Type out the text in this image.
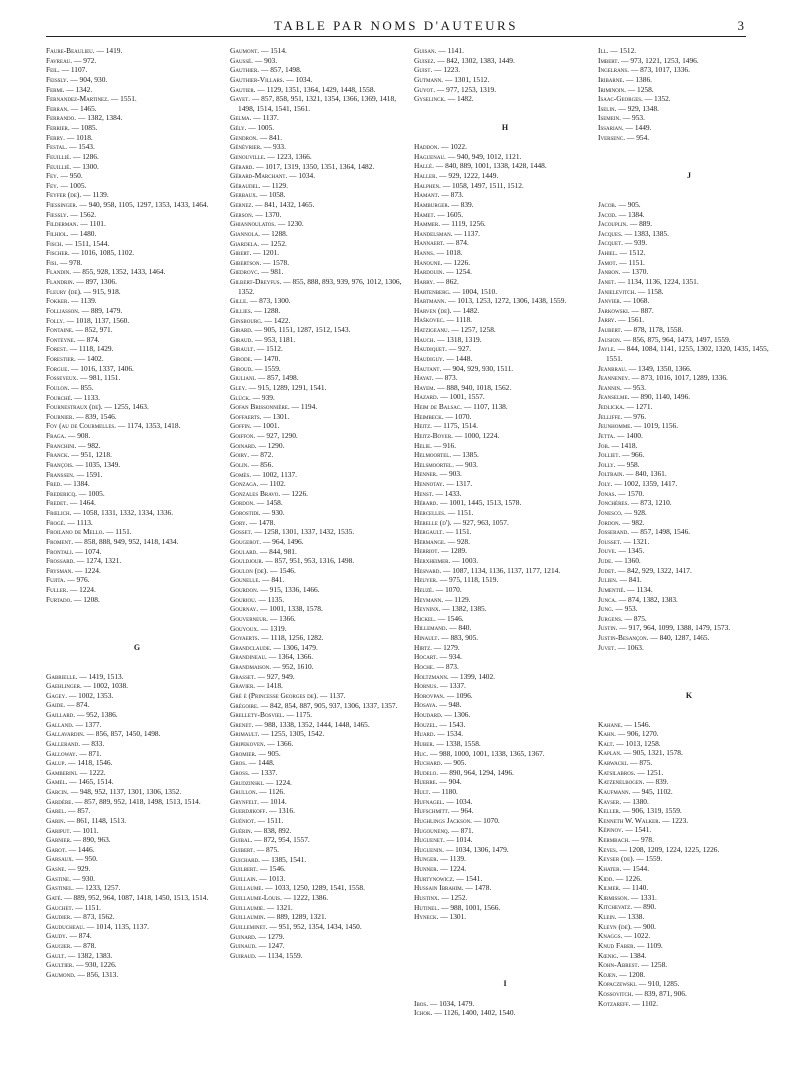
TABLE PAR NOMS D'AUTEURS	3
Faure-Beaulieu. — 1419.
Favreau. — 972.
Feil. — 1107.
Feissly. — 904, 930.
Fermi. — 1342.
Fernandez-Martinez. — 1551.
Ferran. — 1465.
Ferrando. — 1382, 1384.
Ferrier. — 1085.
Ferry. — 1018.
Festal. — 1543.
Feuillié. — 1286.
Feuillié. — 1300.
Fey. — 950.
Fey. — 1005.
Feyfer (de). — 1139.
Fiessinger. — 940, 958, 1105, 1297, 1353, 1433, 1464.
Fiessly. — 1562.
Filderman. — 1101.
Filhiol. — 1480.
Fisch. — 1511, 1544.
Fischer. — 1016, 1085, 1102.
Fisi. — 978.
Flandin. — 855, 928, 1352, 1433, 1464.
Flandrin. — 897, 1306.
Fleury (de). — 915, 918.
Fokker. — 1139.
Folliasson. — 889, 1479.
Folly. — 1018, 1137, 1560.
Fontaine. — 852, 971.
Fonteyne. — 874.
Forest. — 1118, 1429.
Forestier. — 1402.
Forgue. — 1016, 1337, 1406.
Fosseyeux. — 981, 1151.
Foulon. — 855.
Fourché. — 1133.
Fournestraux (de). — 1255, 1463.
Fournier. — 839, 1546.
Foy (au de Courmelles. — 1174, 1353, 1418.
Fraga. — 908.
Franchini. — 982.
Franck. — 951, 1218.
François. — 1035, 1349.
Franssen. — 1591.
Fred. — 1384.
Fredericq. — 1005.
Fredet. — 1464.
Frœlich. — 1058, 1331, 1332, 1334, 1336.
Frogé. — 1113.
Froilano de Mello. — 1151.
Froment. — 858, 888, 949, 952, 1418, 1434.
Frontali. — 1074.
Frossard. — 1274, 1321.
Frysman. — 1224.
Fujita. — 976.
Fuller. — 1224.
Furtado. — 1208.
G
Gabrielle. — 1419, 1513.
Gaehlinger. — 1002, 1038.
Gagey. — 1002, 1353.
Gaide. — 874.
Gaillard. — 952, 1386.
Galland. — 1377.
Gallavardin. — 856, 857, 1450, 1498.
Gallerand. — 833.
Galloway. — 871.
Galup. — 1418, 1546.
Gamberini. — 1222.
Gamel. — 1465, 1514.
Garcin. — 948, 952, 1137, 1301, 1306, 1352.
Gardère. — 857, 889, 952, 1418, 1498, 1513, 1514.
Garel. — 857.
Garin. — 861, 1148, 1513.
Gariput. — 1011.
Garnier. — 890, 963.
Garot. — 1446.
Garsaux. — 950.
Gasne. — 929.
Gastine. — 930.
Gastinel. — 1233, 1257.
Gaté. — 889, 952, 964, 1087, 1418, 1450, 1513, 1514.
Gauchet. — 1151.
Gaudier. — 873, 1562.
Gauducheau. — 1014, 1135, 1137.
Gaudy. — 874.
Gaugier. — 878.
Gault. — 1382, 1383.
Gaultier. — 930, 1226.
Gaumond. — 856, 1313.
Gaumont. — 1514.
Gaussé. — 903.
Gauthier. — 857, 1498.
Gauthier-Villars. — 1034.
Gautier. — 1129, 1351, 1364, 1429, 1448, 1558.
Gayet. — 857, 858, 951, 1321, 1354, 1366, 1369, 1418, 1498, 1514, 1541, 1561.
Gelma. — 1137.
Gély. — 1005.
Gendron. — 841.
Génévrier. — 933.
Genouville. — 1223, 1366.
Gérard. — 1017, 1319, 1350, 1351, 1364, 1482.
Gérard-Marchant. — 1034.
Géraudel. — 1129.
Gerbaux. — 1058.
Gernez. — 841, 1432, 1465.
Gerson. — 1370.
Ghiannoulatos. — 1230.
Giannola. — 1288.
Giardela. — 1252.
Gibert. — 1201.
Gibertson. — 1578.
Giedroyc. — 981.
Gilbert-Dreyfus. — 855, 888, 893, 939, 976, 1012, 1306, 1352.
Gille. — 873, 1300.
Gillies. — 1288.
Ginsbourg. — 1422.
Girard. — 905, 1151, 1287, 1512, 1543.
Giraud. — 953, 1181.
Girault. — 1512.
Girode. — 1470.
Giroud. — 1559.
Giuliani. — 857, 1498.
Gley. — 915, 1289, 1291, 1541.
Glück. — 939.
Gofan Brissonnière. — 1194.
Goffaerts. — 1301.
Goffin. — 1001.
Goiffon. — 927, 1290.
Goinard. — 1290.
Goiry. — 872.
Golin. — 856.
Gomès. — 1002, 1137.
Gonzaga. — 1102.
Gonzales Bravo. — 1226.
Gordon. — 1458.
Gorostidi. — 930.
Gory. — 1478.
Gosset. — 1258, 1301, 1337, 1432, 1535.
Gougerot. — 964, 1496.
Goulard. — 844, 981.
Gouldjour. — 857, 951, 953, 1316, 1498.
Goulon (de). — 1546.
Gounelle. — 841.
Gourdon. — 915, 1336, 1466.
Gouriou. — 1135.
Gournay. — 1001, 1338, 1578.
Gouverneur. — 1366.
Gouyoux. — 1319.
Goyaerts. — 1118, 1256, 1282.
Grandclaude. — 1306, 1479.
Grandineau. — 1364, 1366.
Grandmaison. — 952, 1610.
Grasset. — 927, 949.
Gravier. — 1418.
Grè è (Princesse Georges de). — 1137.
Grégoire. — 842, 854, 887, 905, 937, 1306, 1337, 1357.
Grellety-Bosviel. — 1175.
Grenet. — 988, 1338, 1352, 1444, 1448, 1465.
Grimault. — 1255, 1305, 1542.
Gripekoven. — 1366.
Gromier. — 905.
Gros. — 1448.
Gross. — 1337.
Grudzinski. — 1224.
Grullon. — 1126.
Grynfelt. — 1014.
Guerdjikoff. — 1316.
Guéniot. — 1511.
Guérin. — 838, 892.
Guibal. — 872, 954, 1557.
Guibert. — 875.
Guichard. — 1385, 1541.
Guilbert. — 1546.
Guillain. — 1013.
Guillaume. — 1033, 1250, 1289, 1541, 1558.
Guillaume-Louis. — 1222, 1386.
Guillaumie. — 1321.
Guillaumin. — 889, 1289, 1321.
Guilleminet. — 951, 952, 1354, 1434, 1450.
Guinard. — 1279.
Guinaud. — 1247.
Guiraud. — 1134, 1559.
Guisan. — 1141.
Guisez. — 842, 1302, 1383, 1449.
Guist. — 1223.
Gutmann. — 1301, 1512.
Guyot. — 977, 1253, 1319.
Gyselinck. — 1482.
H
Haddon. — 1022.
Haguenau. — 940, 949, 1012, 1121.
Hallé. — 840, 889, 1001, 1338, 1428, 1448.
Haller. — 929, 1222, 1449.
Halphen. — 1058, 1497, 1511, 1512.
Hamant. — 873.
Hamburger. — 839.
Hamet. — 1605.
Hammer. — 1119, 1256.
Handelsman. — 1137.
Hannaert. — 874.
Hanns. — 1018.
Hanoune. — 1226.
Hardouin. — 1254.
Harry. — 862.
Hartenberg. — 1004, 1510.
Hartmann. — 1013, 1253, 1272, 1306, 1438, 1559.
Harven (de). — 1482.
Haškovec. — 1118.
Hatzigeanu. — 1257, 1258.
Hauch. — 1318, 1319.
Haudiquet. — 927.
Haudiguy. — 1448.
Hautant. — 904, 929, 930, 1511.
Hayat. — 873.
Hayem. — 888, 940, 1018, 1562.
Hazard. — 1001, 1557.
Heim de Balsac. — 1107, 1138.
Heimbeck. — 1070.
Heitz. — 1175, 1514.
Heitz-Boyer. — 1000, 1224.
Helie. — 916.
Helmoortel. — 1385.
Helsmoortel. — 903.
Henner. — 903.
Hennotay. — 1317.
Henst. — 1433.
Hérard. — 1001, 1445, 1513, 1578.
Hercelles. — 1151.
Herelle (d'). — 927, 963, 1057.
Hergault. — 1151.
Hermange. — 928.
Herriot. — 1289.
Herxheimer. — 1003.
Hesnard. — 1087, 1134, 1136, 1137, 1177, 1214.
Heuyer. — 975, 1118, 1519.
Heuzé. — 1070.
Heymann. — 1129.
Heyninx. — 1382, 1385.
Hickel. — 1546.
Hillemand. — 840.
Hinault. — 883, 905.
Hirtz. — 1279.
Hocart. — 934.
Hoche. — 873.
Holtzmann. — 1399, 1402.
Hornus. — 1337.
Horovpan. — 1096.
Hosaya. — 948.
Houdard. — 1306.
Houzel. — 1543.
Huard. — 1534.
Huber. — 1338, 1558.
Huc. — 988, 1000, 1001, 1338, 1365, 1367.
Huchard. — 905.
Hudelo. — 890, 964, 1294, 1496.
Huerre. — 904.
Hult. — 1180.
Hufnagel. — 1034.
Hufschmitt. — 964.
Hughlings Jackson. — 1070.
Hugounenq. — 871.
Huguenet. — 1014.
Huguenin. — 1034, 1306, 1479.
Hunger. — 1139.
Hunner. — 1224.
Hurtynowicz. — 1541.
Hussain Ibrahim. — 1478.
Hustinx. — 1252.
Hutinel. — 988, 1001, 1566.
Hyneck. — 1301.
I
Ibos. — 1034, 1479.
Ichok. — 1126, 1400, 1402, 1540.
Ill. — 1512.
Imbert. — 973, 1221, 1253, 1496.
Ingelrans. — 873, 1017, 1336.
Iribarne. — 1386.
Iriminoin. — 1258.
Isaac-Georges. — 1352.
Iselin. — 929, 1348.
Isemein. — 953.
Issarian. — 1449.
Iversenc. — 954.
J
Jacob. — 905.
Jacod. — 1384.
Jacouplin. — 889.
Jacques. — 1383, 1385.
Jacquet. — 939.
Jahiel. — 1512.
Jamot. — 1151.
Janbon. — 1370.
Janet. — 1134, 1136, 1224, 1351.
Janielevitch. — 1158.
Janvier. — 1068.
Jarkowski. — 887.
Jarry. — 1561.
Jaubert. — 878, 1178, 1558.
Jausion. — 856, 875, 964, 1473, 1497, 1559.
Jayle. — 844, 1084, 1141, 1255, 1302, 1320, 1435, 1455, 1551.
Jeanbrau. — 1349, 1350, 1366.
Jeanneney. — 873, 1016, 1017, 1289, 1336.
Jeannin. — 953.
Jeanselme. — 890, 1140, 1496.
Jedlicka. — 1271.
Jelliffe. — 976.
Jeunhomme. — 1019, 1156.
Jetta. — 1400.
Job. — 1418.
Jolliet. — 966.
Jolly. — 958.
Joltrain. — 840, 1361.
Joly. — 1002, 1359, 1417.
Jonas. — 1570.
Jonchères. — 873, 1210.
Jonesco. — 928.
Jordon. — 982.
Josserand. — 857, 1498, 1546.
Jousset. — 1321.
Jouve. — 1345.
Jude. — 1360.
Judet. — 842, 929, 1322, 1417.
Julien. — 841.
Jumentié. — 1134.
Junca. — 874, 1382, 1383.
Jung. — 953.
Jurgens. — 875.
Justin. — 917, 964, 1099, 1388, 1479, 1573.
Justin-Besançon. — 840, 1287, 1465.
Juvet. — 1063.
K
Kahane. — 1546.
Kahn. — 906, 1270.
Kalt. — 1013, 1258.
Kaplan. — 905, 1321, 1578.
Karwacki. — 875.
Katsilabros. — 1251.
Katzenelbogen. — 839.
Kaufmann. — 945, 1102.
Kayser. — 1380.
Keller. — 906, 1319, 1559.
Kenneth W. Walker. — 1223.
Képinov. — 1541.
Kermbach. — 978.
Keyes. — 1208, 1209, 1224, 1225, 1226.
Keyser (de). — 1559.
Khater. — 1544.
Kidd. — 1226.
Kilmer. — 1140.
Kirmisson. — 1331.
Kitchevatz. — 890.
Klein. — 1338.
Kleyn (de). — 900.
Knaggs. — 1022.
Knud Faber. — 1109.
Kœnig. — 1384.
Kohn-Abrest. — 1258.
Kojen. — 1208.
Kopaczewski. — 910, 1285.
Kossovitch. — 839, 871, 906.
Kotzareff. — 1102.
